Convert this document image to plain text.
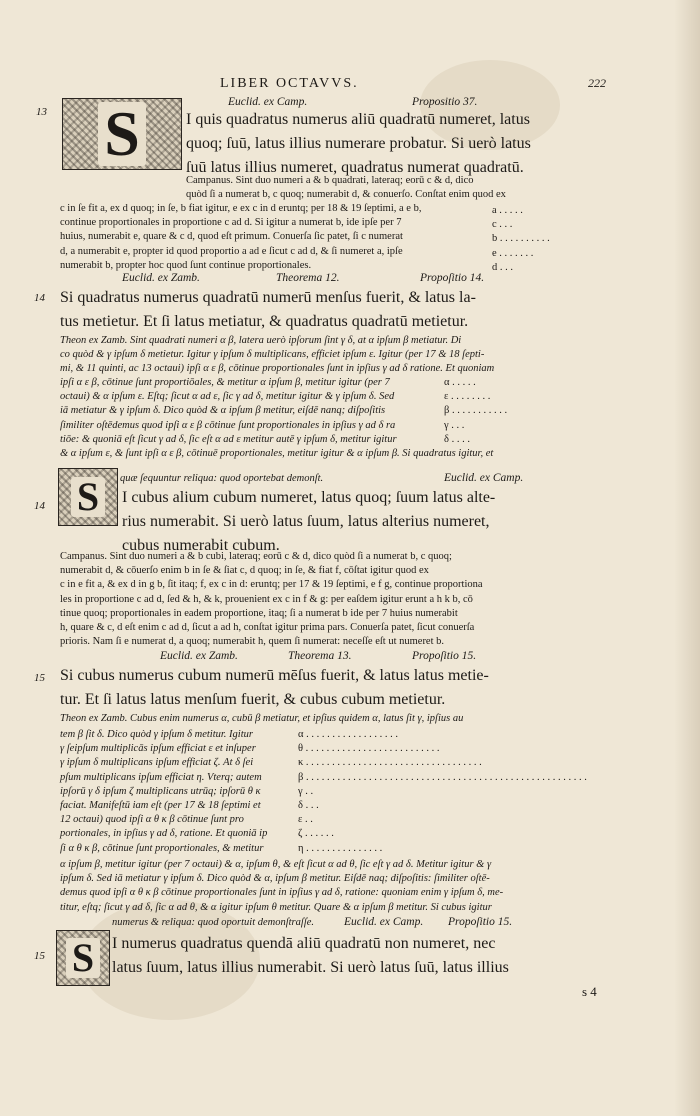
LIBER OCTAVVS.	222
13
Euclid. ex Camp.	Propositio 37.
S	I quis quadratus numerus aliū quadratū numeret, latus
quoq; ſuū, latus illius numerare probatur. Si uerò latus
ſuū latus illius numeret, quadratus numerat quadratū.
Campanus. Sint duo numeri a & b quadrati, lateraq; eorū c & d, dico
quòd ſi a numerat b, c quoq; numerabit d, & conuerſo. Conſtat enim quod ex
c in ſe fit a, ex d quoq; in ſe, b fiat igitur, e ex c in d eruntq; per 18 & 19 ſeptimi, a e b,
continue proportionales in proportione c ad d. Si igitur a numerat b, ide ipſe per 7
huius, numerabit e, quare & c d, quod eſt primum. Conuerſa ſic patet, ſi c numerat
d, a numerabit e, propter id quod proportio a ad e ſicut c ad d, & ſi numeret a, ipſe
numerabit b, propter hoc quod ſunt continue proportionales.
a . . . . .
c . . .
b . . . . . . . . . .
e . . . . . . .
d . . .
Euclid. ex Zamb.	Theorema 12.	Propoſitio 14.
14 Si quadratus numerus quadratū numerū menſus fuerit, & latus la-
tus metietur. Et ſi latus metiatur, & quadratus quadratū metietur.
Theon ex Zamb. Sint quadrati numeri α β, latera uerò ipſorum ſint γ δ, at α ipſum β metiatur. Di
co quòd & γ ipſum δ metietur. Igitur γ ipſum δ multiplicans, efficiet ipſum ε. Igitur (per 17 & 18 ſepti-
mi, & 11 quinti, ac 13 octaui) ipſi α ε β, cōtinue proportionales ſunt in ipſius γ ad δ ratione. Et quoniam
ipſi α ε β, cōtinue ſunt proportiōales, & metitur α ipſum β, metitur igitur (per 7
octaui) & α ipſum ε. Eſtq; ſicut α ad ε, ſic γ ad δ, metitur igitur & γ ipſum δ. Sed
iā metiatur & γ ipſum δ. Dico quòd & α ipſum β metitur, eiſdē nanq; diſpoſitis
ſimiliter oſtēdemus quod ipſi α ε β cōtinue ſunt proportionales in ipſius γ ad δ ra
tiōe: & quoniā eſt ſicut γ ad δ, ſic eſt α ad ε metitur autē γ ipſum δ, metitur igitur
& α ipſum ε, & ſunt ipſi α ε β, cōtinuē proportionales, metitur igitur & α ipſum β. Si quadratus igitur, et
α . . . . .
ε . . . . . . . .
β . . . . . . . . . . .
γ . . .
δ . . . .
quæ ſequuntur reliqua: quod oportebat demonſt.	Euclid. ex Camp.
S
14	I cubus alium cubum numeret, latus quoq; ſuum latus alte-
rius numerabit. Si uerò latus ſuum, latus alterius numeret,
cubus numerabit cubum.
Campanus. Sint duo numeri a & b cubi, lateraq; eorū c & d, dico quòd ſi a numerat b, c quoq;
numerabit d, & cōuerſo enim b in ſe & ſiat c, d quoq; in ſe, & fiat f, cōſtat igitur quod ex
c in e fit a, & ex d in g b, ſit itaq; f, ex c in d: eruntq; per 17 & 19 ſeptimi, e f g, continue proportiona
les in proportione c ad d, ſed & h, & k, prouenient ex c in f & g: per eaſdem igitur erunt a h k b, cō
tinue quoq; proportionales in eadem proportione, itaq; ſi a numerat b ide per 7 huius numerabit
h, quare & c, d eſt enim c ad d, ſicut a ad h, conſtat igitur prima pars. Conuerſa patet, ſicut conuerſa
prioris. Nam ſi e numerat d, a quoq; numerabit h, quem ſi numerat: neceſſe eſt ut numeret b.
Euclid. ex Zamb.	Theorema 13.	Propoſitio 15.
15 Si cubus numerus cubum numerū mēſus fuerit, & latus latus metie-
tur. Et ſi latus latus menſum fuerit, & cubus cubum metietur.
Theon ex Zamb. Cubus enim numerus α, cubū β metiatur, et ipſius quidem α, latus ſit γ, ipſius au
tem β ſit δ. Dico quòd γ ipſum δ metitur. Igitur
γ ſeipſum multiplicās ipſum efficiat ε et inſuper
γ ipſum δ multiplicans ipſum efficiat ζ. At δ ſei
pſum multiplicans ipſum efficiat η. Vterq; autem
ipſorū γ δ ipſum ζ multiplicans utrūq; ipſorū θ κ
faciat. Manifeſtū iam eſt (per 17 & 18 ſeptimi et
12 octaui) quod ipſi α θ κ β cōtinue ſunt pro
portionales, in ipſius γ ad δ, ratione. Et quoniā ip
ſi α θ κ β, cōtinue ſunt proportionales, & metitur
α . . . . . . . . . . . . . . . . . .
θ . . . . . . . . . . . . . . . . . . . . . . . . . .
κ . . . . . . . . . . . . . . . . . . . . . . . . . . . . . . . . . .
β . . . . . . . . . . . . . . . . . . . . . . . . . . . . . . . . . . . . . . . . . . . . . . . . . . . . . .
γ . .
δ . . .
ε . .
ζ . . . . . .
η . . . . . . . . . . . . . . .
α ipſum β, metitur igitur (per 7 octaui) & α, ipſum θ, & eſt ſicut α ad θ, ſic eſt γ ad δ. Metitur igitur & γ
ipſum δ. Sed iā metiatur γ ipſum δ. Dico quòd & α, ipſum β metitur. Eiſdē naq; diſpoſitis: ſimiliter oſtē-
demus quod ipſi α θ κ β cōtinue proportionales ſunt in ipſius γ ad δ, ratione: quoniam enim γ ipſum δ, me-
titur, eſtq; ſicut γ ad δ, ſic α ad θ, & α igitur ipſum θ metitur. Quare & α ipſum β metitur. Si cubus igitur
numerus & reliqua: quod oportuit demonſtraſſe.	Euclid. ex Camp. Propoſitio 15.
S
15
I numerus quadratus quendā aliū quadratū non numeret, nec
latus ſuum, latus illius numerabit. Si uerò latus ſuū, latus illius
s 4
